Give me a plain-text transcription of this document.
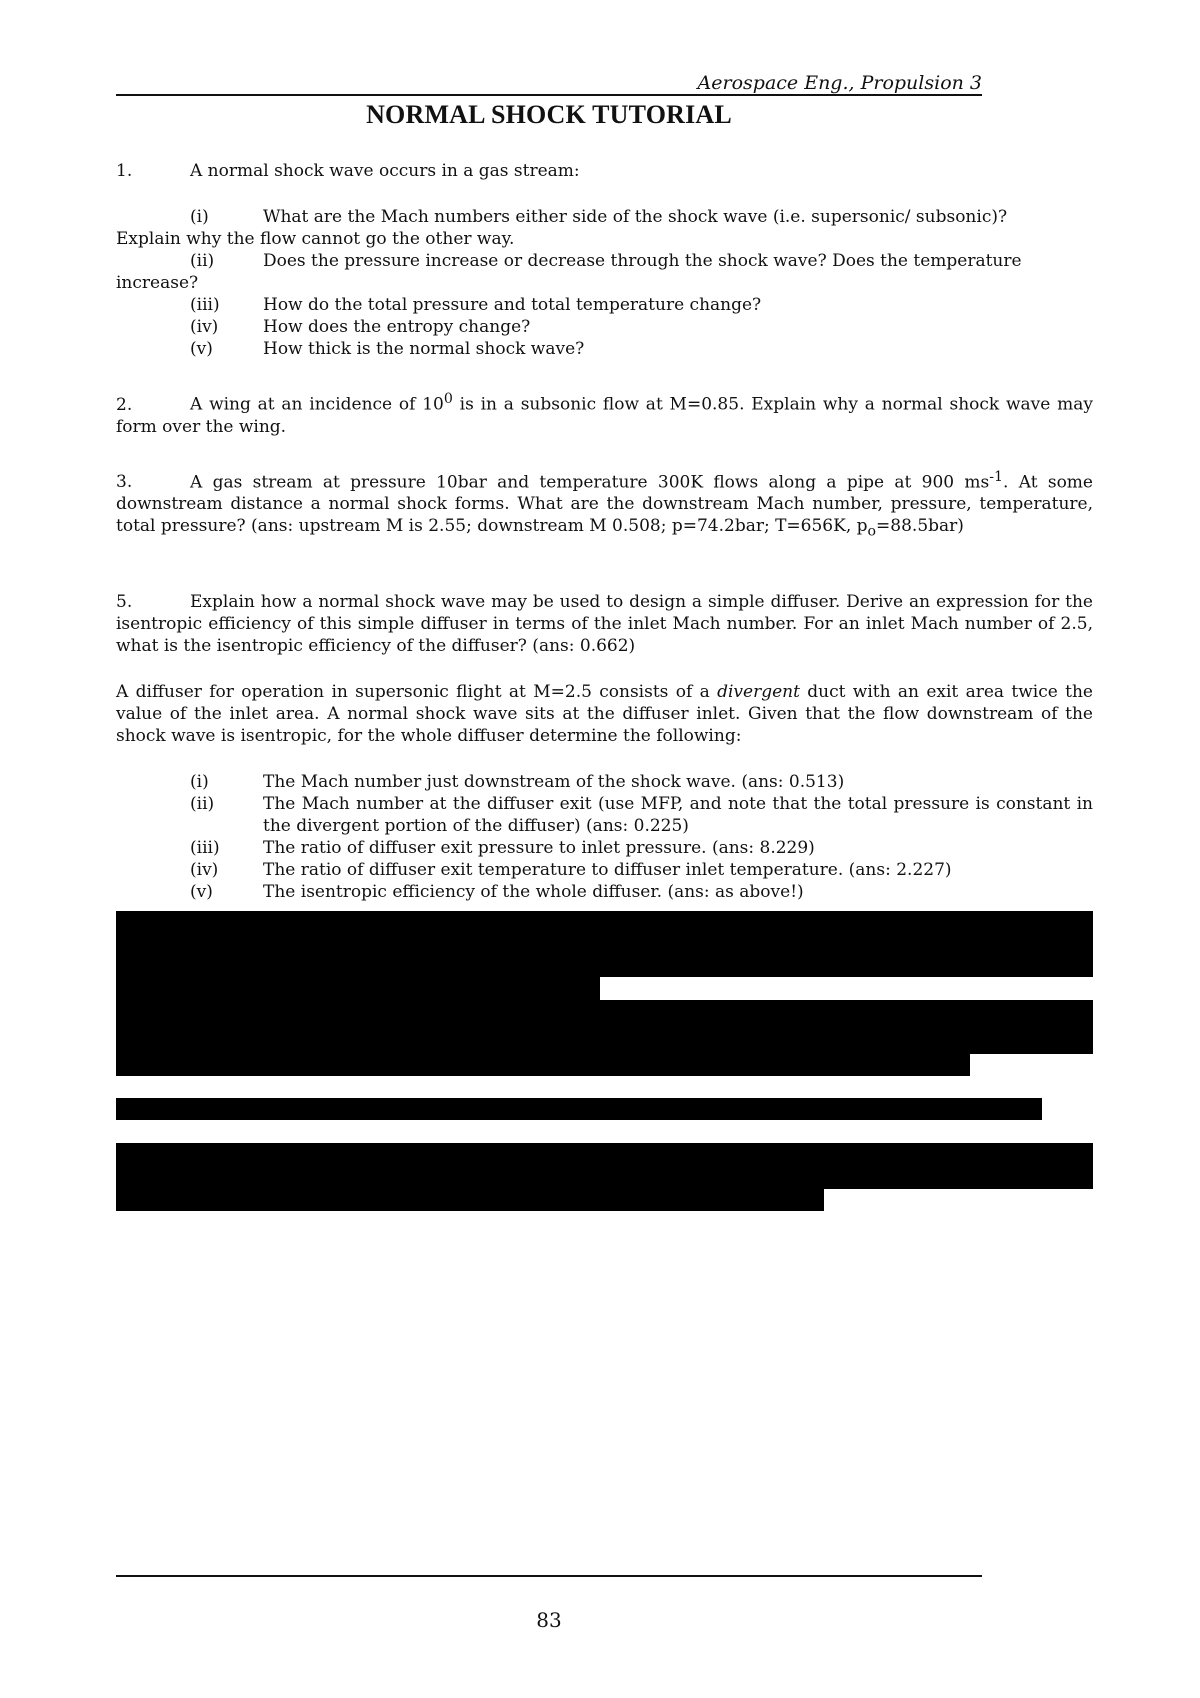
Aerospace Eng., Propulsion 3
NORMAL SHOCK TUTORIAL

1.	A normal shock wave occurs in a gas stream:

(i)	What are the Mach numbers either side of the shock wave (i.e. supersonic/ subsonic)?

Explain why the flow cannot go the other way.

(ii)	Does the pressure increase or decrease through the shock wave? Does the temperature

increase?

(iii)	How do the total pressure and total temperature change?
(iv)	How does the entropy change?
(v)	How thick is the normal shock wave?

2.	A wing at an incidence of $10^0$ is in a subsonic flow at M=0.85. Explain why a normal shock wave may form over the wing.

3.	A gas stream at pressure 10bar and temperature 300K flows along a pipe at 900 $ms^{-1}$. At some downstream distance a normal shock forms. What are the downstream Mach number, pressure, temperature, total pressure? (ans: upstream M is 2.55; downstream M 0.508; p=74.2bar; T=656K, $p_o=88.5bar$)

5.	Explain how a normal shock wave may be used to design a simple diffuser. Derive an expression for the isentropic efficiency of this simple diffuser in terms of the inlet Mach number. For an inlet Mach number of 2.5, what is the isentropic efficiency of the diffuser? (ans: 0.662)

A diffuser for operation in supersonic flight at M=2.5 consists of a divergent duct with an exit area twice the value of the inlet area. A normal shock wave sits at the diffuser inlet. Given that the flow downstream of the shock wave is isentropic, for the whole diffuser determine the following:

(i)	The Mach number just downstream of the shock wave. (ans: 0.513)
(ii)	The Mach number at the diffuser exit (use MFP, and note that the total pressure is constant in the divergent portion of the diffuser) (ans: 0.225)
(iii)	The ratio of diffuser exit pressure to inlet pressure. (ans: 8.229)
(iv)	The ratio of diffuser exit temperature to diffuser inlet temperature. (ans: 2.227)
(v)	The isentropic efficiency of the whole diffuser. (ans: as above!)
83
